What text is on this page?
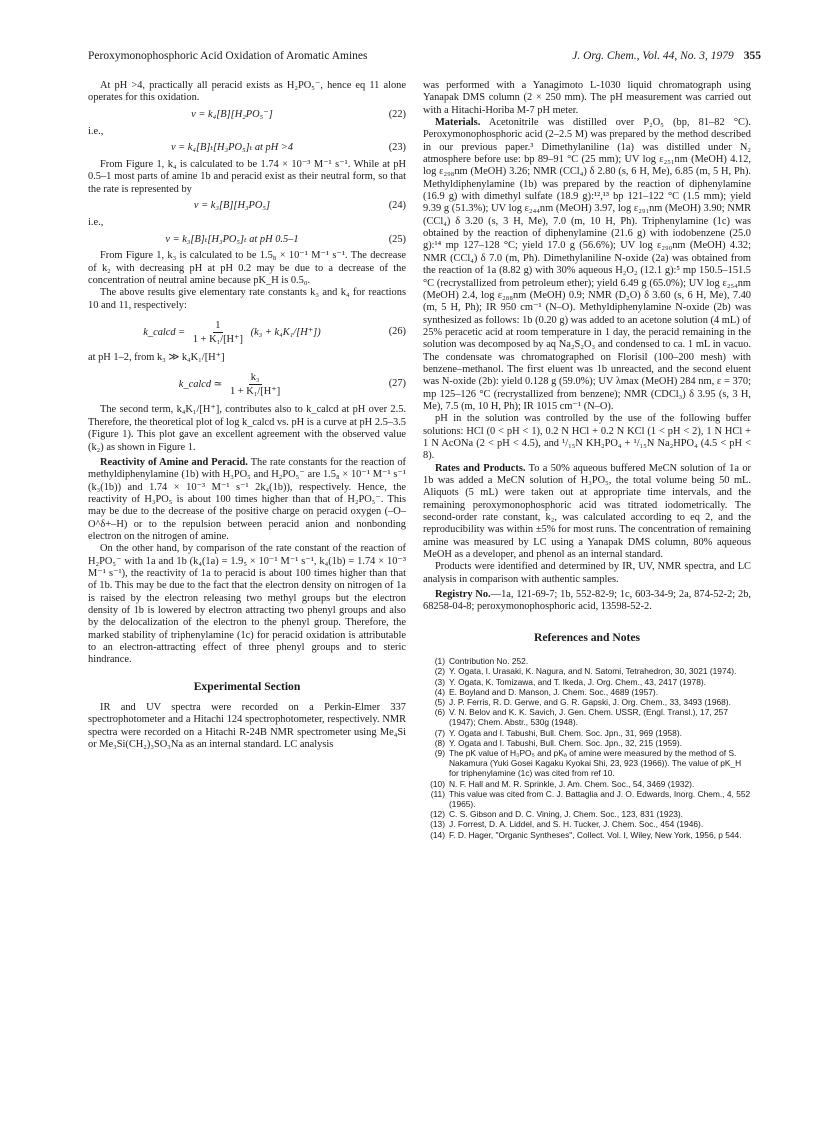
Peroxymonophosphoric Acid Oxidation of Aromatic Amines	J. Org. Chem., Vol. 44, No. 3, 1979 355

At pH >4, practically all peracid exists as H₂PO₅⁻, hence eq 11 alone operates for this oxidation.

v = k₄[B][H₂PO₅⁻]	(22)

i.e.,

v = k₄[B]ₜ[H₃PO₅]ₜ at pH >4	(23)

From Figure 1, k₄ is calculated to be 1.74 × 10⁻³ M⁻¹ s⁻¹. While at pH 0.5–1 most parts of amine 1b and peracid exist as their neutral form, so that the rate is represented by

v = k₃[B][H₃PO₅]	(24)

i.e.,

v = k₃[B]ₜ[H₃PO₅]ₜ at pH 0.5–1	(25)

From Figure 1, k₃ is calculated to be 1.5₈ × 10⁻¹ M⁻¹ s⁻¹. The decrease of k₂ with decreasing pH at pH 0.2 may be due to a decrease of the concentration of neutral amine because pK_H is 0.5₀.

The above results give elementary rate constants k₃ and k₄ for reactions 10 and 11, respectively:

k_calcd = $\frac{1}{\text{1 + K₁/[H⁺]}} (k_3 + k_4K_1/[H^+])$	(26)

at pH 1–2, from k₃ ≫ k₄K₁/[H⁺]

k_calcd ≃ $\frac{\text{k₃}}{\text{1 + K₁/[H⁺]}}$	(27)

The second term, k₄K₁/[H⁺], contributes also to k_calcd at pH over 2.5. Therefore, the theoretical plot of log k_calcd vs. pH is a curve at pH 2.5–3.5 (Figure 1). This plot gave an excellent agreement with the observed value (k₂) as shown in Figure 1.

Reactivity of Amine and Peracid. The rate constants for the reaction of methyldiphenylamine (1b) with H₃PO₅ and H₂PO₅⁻ are 1.5₈ × 10⁻¹ M⁻¹ s⁻¹ (k₃(1b)) and 1.74 × 10⁻³ M⁻¹ s⁻¹ 2k₄(1b)), respectively. Hence, the reactivity of H₃PO₅ is about 100 times higher than that of H₂PO₅⁻. This may be due to the decrease of the positive charge on peracid oxygen (–O–O^δ+–H) or to the repulsion between peracid anion and nonbonding electron on the nitrogen of amine.

On the other hand, by comparison of the rate constant of the reaction of H₂PO₅⁻ with 1a and 1b (k₄(1a) = 1.9₅ × 10⁻¹ M⁻¹ s⁻¹, k₄(1b) = 1.74 × 10⁻³ M⁻¹ s⁻¹), the reactivity of 1a to peracid is about 100 times higher than that of 1b. This may be due to the fact that the electron density on nitrogen of 1a is raised by the electron releasing two methyl groups but the electron density of 1b is lowered by electron attracting two phenyl groups and also by the delocalization of the electron to the phenyl group. Therefore, the marked stability of triphenylamine (1c) for peracid oxidation is attributable to an electron-attracting effect of three phenyl groups and to steric hindrance.

Experimental Section

IR and UV spectra were recorded on a Perkin-Elmer 337 spectrophotometer and a Hitachi 124 spectrophotometer, respectively. NMR spectra were recorded on a Hitachi R-24B NMR spectrometer using Me₄Si or Me₃Si(CH₂)₃SO₃Na as an internal standard. LC analysis

was performed with a Yanagimoto L-1030 liquid chromatograph using Yanapak DMS column (2 × 250 mm). The pH measurement was carried out with a Hitachi-Horiba M-7 pH meter.

Materials. Acetonitrile was distilled over P₂O₅ (bp, 81–82 °C). Peroxymonophosphoric acid (2–2.5 M) was prepared by the method described in our previous paper.³ Dimethylaniline (1a) was distilled under N₂ atmosphere before use: bp 89–91 °C (25 mm); UV log ε₂₅₁nm (MeOH) 4.12, log ε₂₉₈nm (MeOH) 3.26; NMR (CCl₄) δ 2.80 (s, 6 H, Me), 6.85 (m, 5 H, Ph). Methyldiphenylamine (1b) was prepared by the reaction of diphenylamine (16.9 g) with dimethyl sulfate (18.9 g):¹²,¹³ bp 121–122 °C (1.5 mm); yield 9.39 g (51.3%); UV log ε₂₄₄nm (MeOH) 3.97, log ε₂₉₁nm (MeOH) 3.90; NMR (CCl₄) δ 3.20 (s, 3 H, Me), 7.0 (m, 10 H, Ph). Triphenylamine (1c) was obtained by the reaction of diphenylamine (21.6 g) with iodobenzene (25.0 g):¹⁴ mp 127–128 °C; yield 17.0 g (56.6%); UV log ε₂₉₀nm (MeOH) 4.32; NMR (CCl₄) δ 7.0 (m, Ph). Dimethylaniline N-oxide (2a) was obtained from the reaction of 1a (8.82 g) with 30% aqueous H₂O₂ (12.1 g):⁵ mp 150.5–151.5 °C (recrystallized from petroleum ether); yield 6.49 g (65.0%); UV log ε₂₅₄nm (MeOH) 2.4, log ε₂₈₈nm (MeOH) 0.9; NMR (D₂O) δ 3.60 (s, 6 H, Me), 7.40 (m, 5 H, Ph); IR 950 cm⁻¹ (N–O). Methyldiphenylamine N-oxide (2b) was synthesized as follows: 1b (0.20 g) was added to an acetone solution (4 mL) of 25% peracetic acid at room temperature in 1 day, the peracid remaining in the solution was decomposed by aq Na₂S₂O₃ and condensed to ca. 1 mL in vacuo. The condensate was chromatographed on Florisil (100–200 mesh) with benzene–methanol. The first eluent was 1b unreacted, and the second eluent was N-oxide (2b): yield 0.128 g (59.0%); UV λmax (MeOH) 284 nm, ε = 370; mp 125–126 °C (recrystallized from benzene); NMR (CDCl₃) δ 3.95 (s, 3 H, Me), 7.5 (m, 10 H, Ph); IR 1015 cm⁻¹ (N–O).

pH in the solution was controlled by the use of the following buffer solutions: HCl (0 < pH < 1), 0.2 N HCl + 0.2 N KCl (1 < pH < 2), 1 N HCl + 1 N AcONa (2 < pH < 4.5), and ¹/₁₅N KH₂PO₄ + ¹/₁₅N Na₂HPO₄ (4.5 < pH < 8).

Rates and Products. To a 50% aqueous buffered MeCN solution of 1a or 1b was added a MeCN solution of H₃PO₅, the total volume being 50 mL. Aliquots (5 mL) were taken out at appropriate time intervals, and the remaining peroxymonophosphoric acid was titrated iodometrically. The second-order rate constant, k₂, was calculated according to eq 2, and the reproducibility was within ±5% for most runs. The concentration of remaining amine was measured by LC using a Yanapak DMS column, 80% aqueous MeOH as a developer, and phenol as an internal standard.

Products were identified and determined by IR, UV, NMR spectra, and LC analysis in comparison with authentic samples.

Registry No.—1a, 121-69-7; 1b, 552-82-9; 1c, 603-34-9; 2a, 874-52-2; 2b, 68258-04-8; peroxymonophosphoric acid, 13598-52-2.

References and Notes
(1) Contribution No. 252.
(2) Y. Ogata, I. Urasaki, K. Nagura, and N. Satomi, Tetrahedron, 30, 3021 (1974).
(3) Y. Ogata, K. Tomizawa, and T. Ikeda, J. Org. Chem., 43, 2417 (1978).
(4) E. Boyland and D. Manson, J. Chem. Soc., 4689 (1957).
(5) J. P. Ferris, R. D. Gerwe, and G. R. Gapski, J. Org. Chem., 33, 3493 (1968).
(6) V. N. Belov and K. K. Savich, J. Gen. Chem. USSR, (Engl. Transl.), 17, 257 (1947); Chem. Abstr., 530g (1948).
(7) Y. Ogata and I. Tabushi, Bull. Chem. Soc. Jpn., 31, 969 (1958).
(8) Y. Ogata and I. Tabushi, Bull. Chem. Soc. Jpn., 32, 215 (1959).
(9) The pK value of H₃PO₅ and pKₐ of amine were measured by the method of S. Nakamura (Yuki Gosei Kagaku Kyokai Shi, 23, 923 (1966)). The value of pK_H for triphenylamine (1c) was cited from ref 10.
(10) N. F. Hall and M. R. Sprinkle, J. Am. Chem. Soc., 54, 3469 (1932).
(11) This value was cited from C. J. Battaglia and J. O. Edwards, Inorg. Chem., 4, 552 (1965).
(12) C. S. Gibson and D. C. Vining, J. Chem. Soc., 123, 831 (1923).
(13) J. Forrest, D. A. Liddel, and S. H. Tucker, J. Chem. Soc., 454 (1946).
(14) F. D. Hager, "Organic Syntheses", Collect. Vol. I, Wiley, New York, 1956, p 544.
